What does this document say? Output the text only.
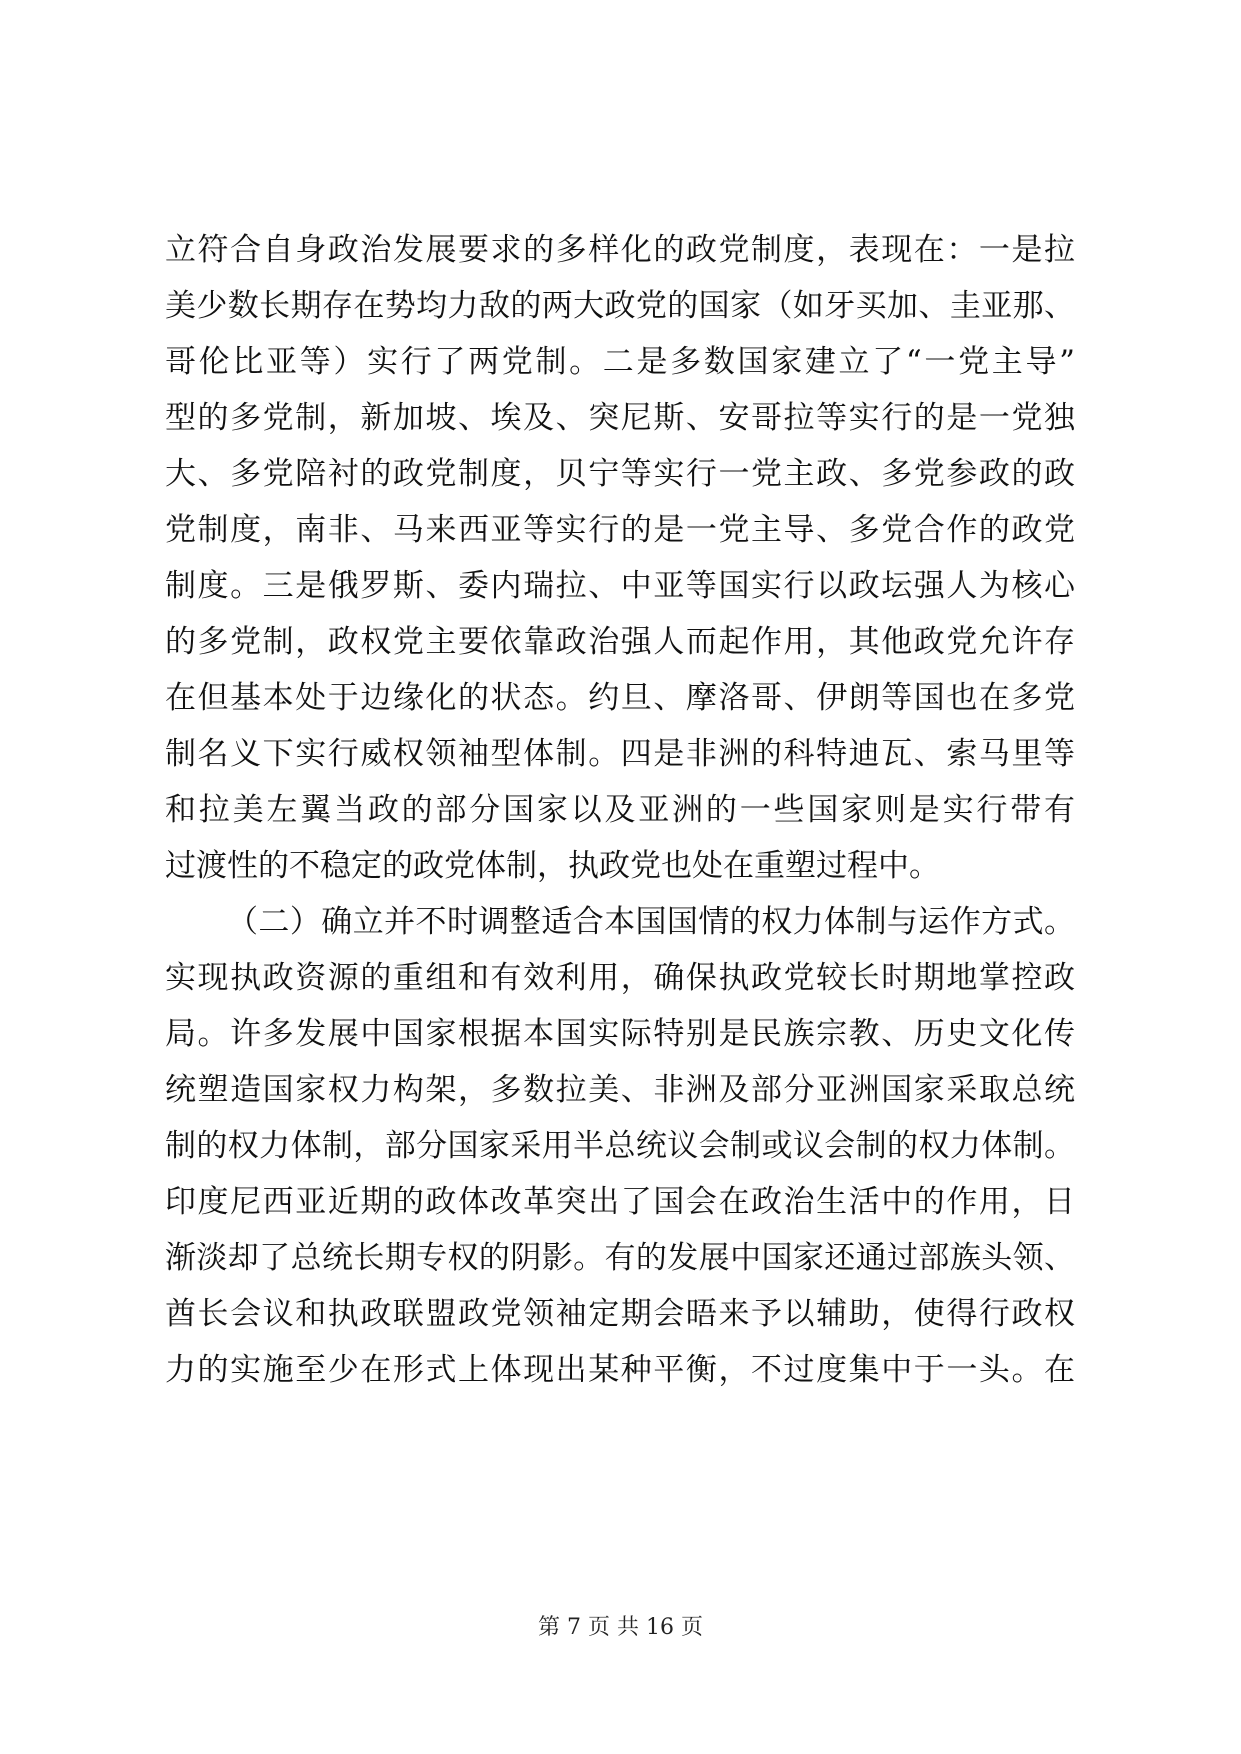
立符合自身政治发展要求的多样化的政党制度，表现在：一是拉
美少数长期存在势均力敌的两大政党的国家（如牙买加、圭亚那、
哥伦比亚等）实行了两党制。二是多数国家建立了“一党主导”
型的多党制，新加坡、埃及、突尼斯、安哥拉等实行的是一党独
大、多党陪衬的政党制度，贝宁等实行一党主政、多党参政的政
党制度，南非、马来西亚等实行的是一党主导、多党合作的政党
制度。三是俄罗斯、委内瑞拉、中亚等国实行以政坛强人为核心
的多党制，政权党主要依靠政治强人而起作用，其他政党允许存
在但基本处于边缘化的状态。约旦、摩洛哥、伊朗等国也在多党
制名义下实行威权领袖型体制。四是非洲的科特迪瓦、索马里等
和拉美左翼当政的部分国家以及亚洲的一些国家则是实行带有
过渡性的不稳定的政党体制，执政党也处在重塑过程中。
（二）确立并不时调整适合本国国情的权力体制与运作方式。
实现执政资源的重组和有效利用，确保执政党较长时期地掌控政
局。许多发展中国家根据本国实际特别是民族宗教、历史文化传
统塑造国家权力构架，多数拉美、非洲及部分亚洲国家采取总统
制的权力体制，部分国家采用半总统议会制或议会制的权力体制。
印度尼西亚近期的政体改革突出了国会在政治生活中的作用，日
渐淡却了总统长期专权的阴影。有的发展中国家还通过部族头领、
酋长会议和执政联盟政党领袖定期会晤来予以辅助，使得行政权
力的实施至少在形式上体现出某种平衡，不过度集中于一头。在
第 7 页 共 16 页
